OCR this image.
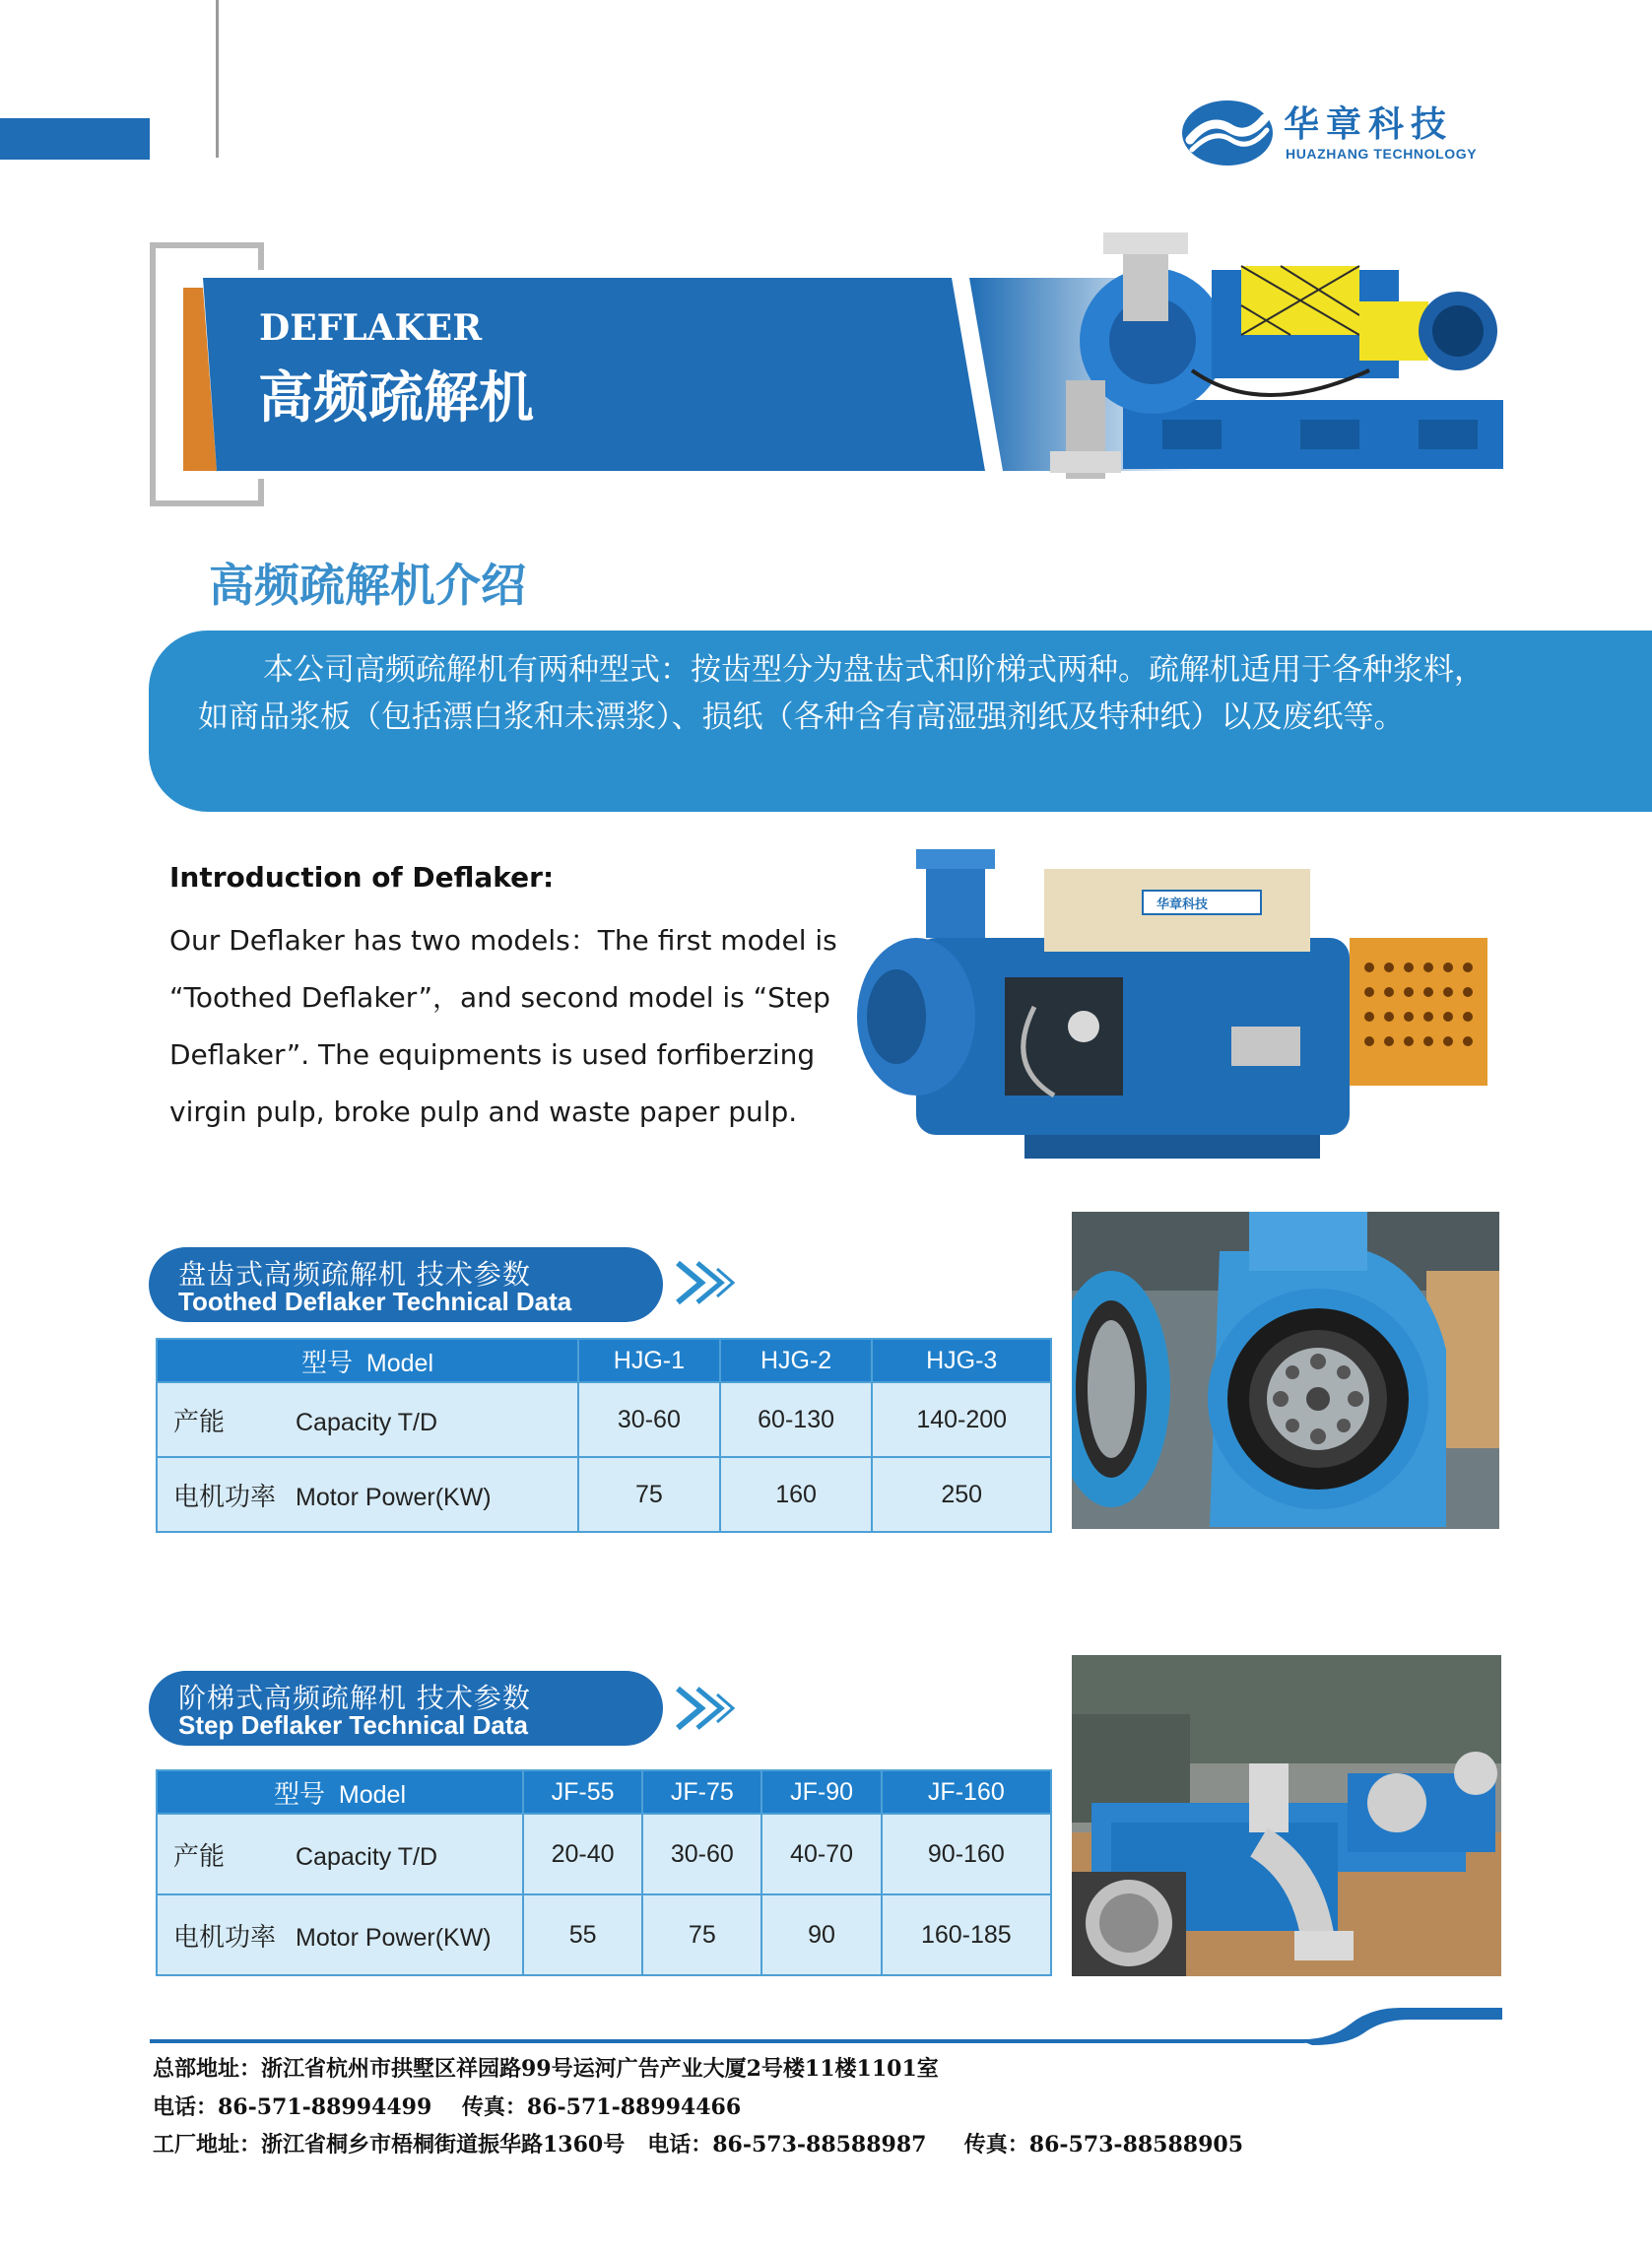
华章科技
HUAZHANG TECHNOLOGY
DEFLAKER
高频疏解机
高频疏解机介绍
本公司高频疏解机有两种型式：按齿型分为盘齿式和阶梯式两种。疏解机适用于各种浆料，如商品浆板（包括漂白浆和未漂浆）、损纸（各种含有高湿强剂纸及特种纸）以及废纸等。
Introduction of Deflaker:
Our Deflaker has two models：The first model is
“Toothed Deflaker”，and second model is “Step
Deflaker”. The equipments is used forfiberzing
virgin pulp, broke pulp and waste paper pulp.
华章科技
盘齿式高频疏解机 技术参数
Toothed Deflaker Technical Data
型号 Model	HJG-1	HJG-2	HJG-3
产能 Capacity T/D	30-60	60-130	140-200
电机功率 Motor Power(KW)	75	160	250
阶梯式高频疏解机 技术参数
Step Deflaker Technical Data
型号 Model	JF-55	JF-75	JF-90	JF-160
产能 Capacity T/D	20-40	30-60	40-70	90-160
电机功率 Motor Power(KW)	55	75	90	160-185
总部地址：浙江省杭州市拱墅区祥园路99号运河广告产业大厦2号楼11楼1101室
电话：86-571-88994499    传真：86-571-88994466
工厂地址：浙江省桐乡市梧桐街道振华路1360号   电话：86-573-88588987     传真：86-573-88588905
